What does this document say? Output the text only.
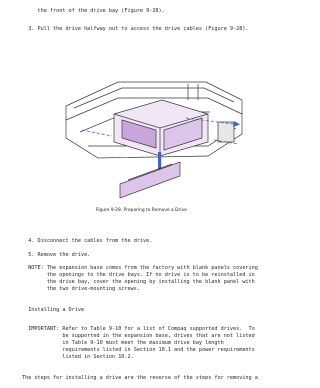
the front of the drive bay (Figure 9-28).

3. Pull the drive halfway out to access the drive cables (Figure 9-28).

Figure 9-28. Preparing to Remove a Drive

4. Disconnect the cables from the drive.

5. Remove the drive.

NOTE: The expansion base comes from the factory with blank panels covering

the openings to the drive bays. If no drive is to be reinstalled in

the drive bay, cover the opening by installing the blank panel with

the two drive-mounting screws.

Installing a Drive

IMPORTANT: Refer to Table 9-10 for a list of Compaq supported drives.  To

be supported in the expansion base, drives that are not listed

in Table 9-10 must meet the maximum drive bay length

requirements listed in Section 10.1 and the power requirements

listed in Section 10.2.

The steps for installing a drive are the reverse of the steps for removing a
